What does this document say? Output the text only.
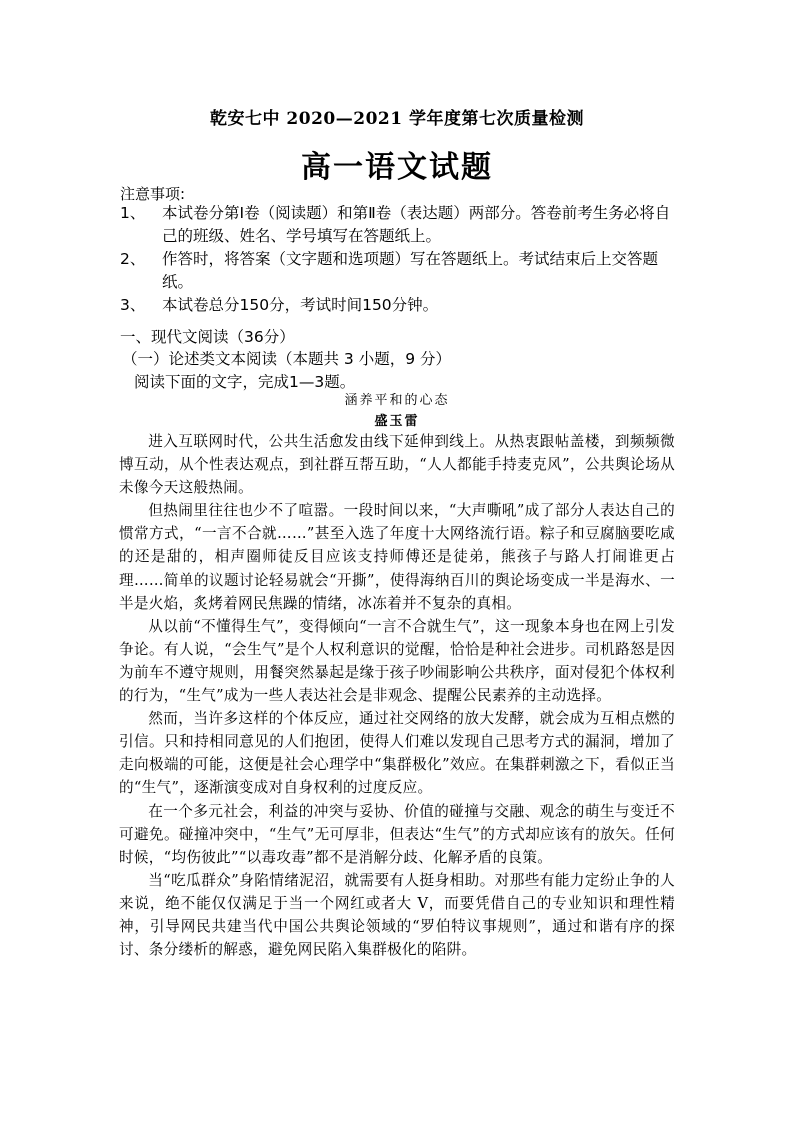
乾安七中 2020—2021 学年度第七次质量检测
高一语文试题
注意事项:
1、	本试卷分第Ⅰ卷（阅读题）和第Ⅱ卷（表达题）两部分。答卷前考生务必将自己的班级、姓名、学号填写在答题纸上。
2、	作答时，将答案（文字题和选项题）写在答题纸上。考试结束后上交答题纸。
3、	本试卷总分150分，考试时间150分钟。
一、现代文阅读（36分）
（一）论述类文本阅读（本题共 3 小题，9 分）
阅读下面的文字，完成1—3题。
涵养平和的心态
盛玉雷

进入互联网时代，公共生活愈发由线下延伸到线上。从热衷跟帖盖楼，到频频微博互动，从个性表达观点，到社群互帮互助，“人人都能手持麦克风”，公共舆论场从未像今天这般热闹。

但热闹里往往也少不了喧嚣。一段时间以来，“大声嘶吼”成了部分人表达自己的惯常方式，“一言不合就……”甚至入选了年度十大网络流行语。粽子和豆腐脑要吃咸的还是甜的，相声圈师徒反目应该支持师傅还是徒弟，熊孩子与路人打闹谁更占理……简单的议题讨论轻易就会“开撕”，使得海纳百川的舆论场变成一半是海水、一半是火焰，炙烤着网民焦躁的情绪，冰冻着并不复杂的真相。

从以前“不懂得生气”，变得倾向“一言不合就生气”，这一现象本身也在网上引发争论。有人说，“会生气”是个人权利意识的觉醒，恰恰是种社会进步。司机路怒是因为前车不遵守规则，用餐突然暴起是缘于孩子吵闹影响公共秩序，面对侵犯个体权利的行为，“生气”成为一些人表达社会是非观念、提醒公民素养的主动选择。

然而，当许多这样的个体反应，通过社交网络的放大发酵，就会成为互相点燃的引信。只和持相同意见的人们抱团，使得人们难以发现自己思考方式的漏洞，增加了走向极端的可能，这便是社会心理学中“集群极化”效应。在集群刺激之下，看似正当的“生气”，逐渐演变成对自身权利的过度反应。

在一个多元社会，利益的冲突与妥协、价值的碰撞与交融、观念的萌生与变迁不可避免。碰撞冲突中，“生气”无可厚非，但表达“生气”的方式却应该有的放矢。任何时候，“均伤彼此”“以毒攻毒”都不是消解分歧、化解矛盾的良策。

当“吃瓜群众”身陷情绪泥沼，就需要有人挺身相助。对那些有能力定纷止争的人来说，绝不能仅仅满足于当一个网红或者大 V，而要凭借自己的专业知识和理性精神，引导网民共建当代中国公共舆论领域的“罗伯特议事规则”，通过和谐有序的探讨、条分缕析的解惑，避免网民陷入集群极化的陷阱。
